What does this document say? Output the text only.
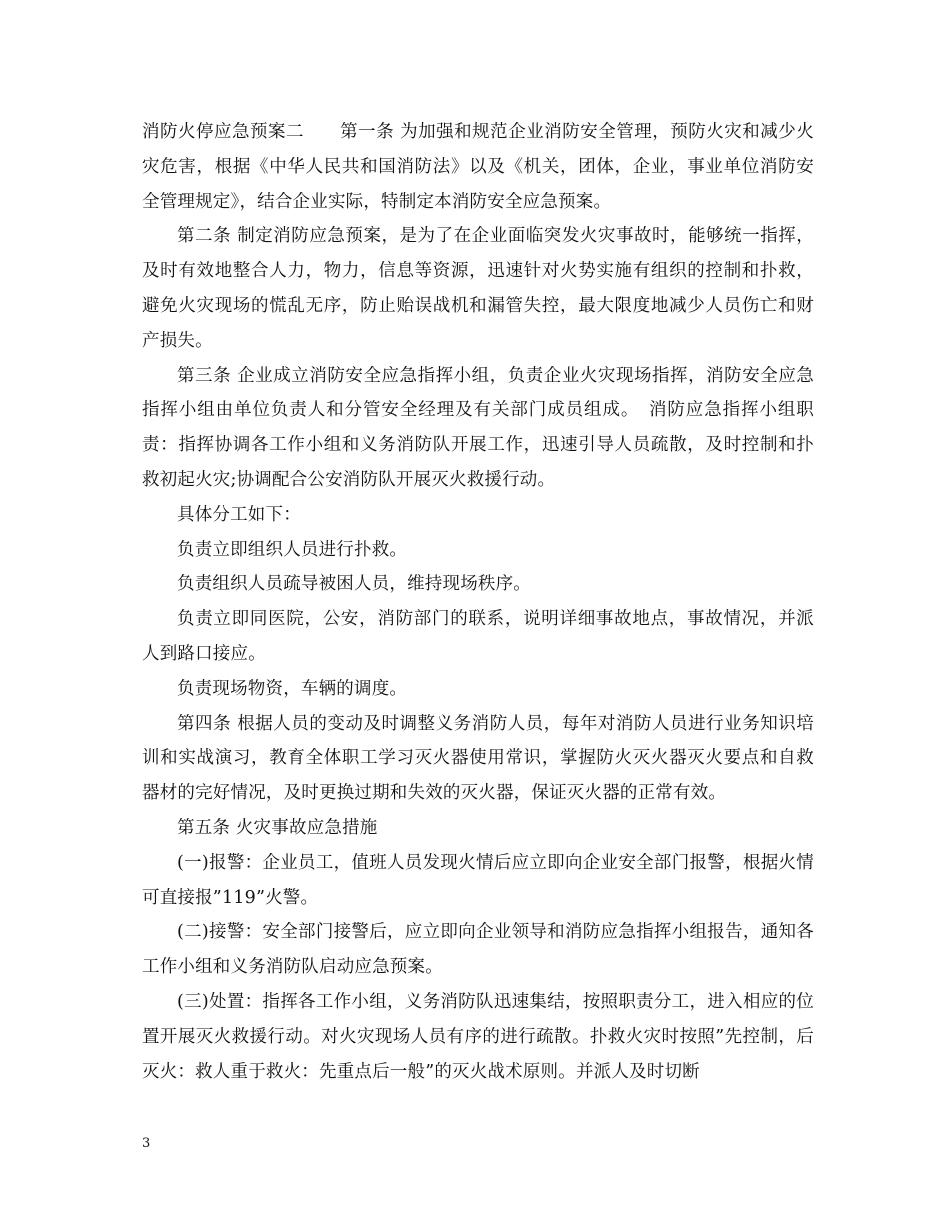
消防火停应急预案二　　第一条 为加强和规范企业消防安全管理，预防火灾和减少火灾危害，根据《中华人民共和国消防法》以及《机关，团体，企业，事业单位消防安全管理规定》，结合企业实际，特制定本消防安全应急预案。

第二条 制定消防应急预案，是为了在企业面临突发火灾事故时，能够统一指挥，及时有效地整合人力，物力，信息等资源，迅速针对火势实施有组织的控制和扑救，避免火灾现场的慌乱无序，防止贻误战机和漏管失控，最大限度地减少人员伤亡和财产损失。

第三条 企业成立消防安全应急指挥小组，负责企业火灾现场指挥，消防安全应急指挥小组由单位负责人和分管安全经理及有关部门成员组成。　消防应急指挥小组职责：指挥协调各工作小组和义务消防队开展工作，迅速引导人员疏散，及时控制和扑救初起火灾;协调配合公安消防队开展灭火救援行动。

具体分工如下：

负责立即组织人员进行扑救。

负责组织人员疏导被困人员，维持现场秩序。

负责立即同医院，公安，消防部门的联系，说明详细事故地点，事故情况，并派人到路口接应。

负责现场物资，车辆的调度。

第四条 根据人员的变动及时调整义务消防人员，每年对消防人员进行业务知识培训和实战演习，教育全体职工学习灭火器使用常识，掌握防火灭火器灭火要点和自救器材的完好情况，及时更换过期和失效的灭火器，保证灭火器的正常有效。

第五条 火灾事故应急措施

(一)报警：企业员工，值班人员发现火情后应立即向企业安全部门报警，根据火情可直接报”119”火警。

(二)接警：安全部门接警后，应立即向企业领导和消防应急指挥小组报告，通知各工作小组和义务消防队启动应急预案。

(三)处置：指挥各工作小组，义务消防队迅速集结，按照职责分工，进入相应的位置开展灭火救援行动。对火灾现场人员有序的进行疏散。扑救火灾时按照”先控制，后灭火：救人重于救火：先重点后一般”的灭火战术原则。并派人及时切断

3
